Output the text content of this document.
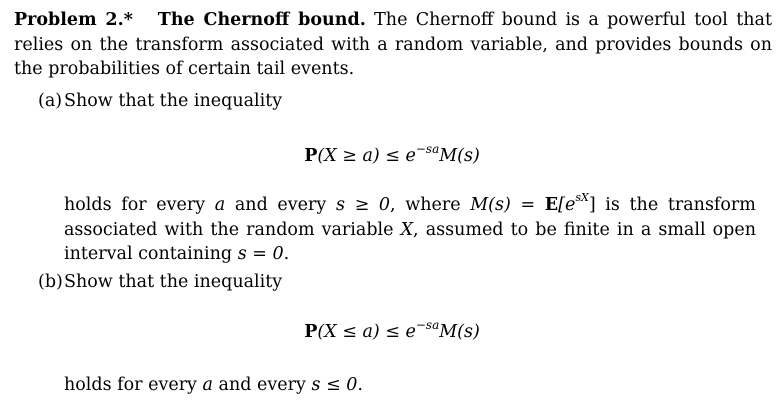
Problem 2.* The Chernoff bound. The Chernoff bound is a powerful tool that relies on the transform associated with a random variable, and provides bounds on the probabilities of certain tail events.
(a) Show that the inequality
$P(X \ge a) \le e^{-sa}M(s)$
holds for every a and every s ≥ 0, where $M(s) = E[e^{sX}]$ is the transform associated with the random variable X, assumed to be finite in a small open interval containing s = 0.
(b) Show that the inequality
$P(X \le a) \le e^{-sa}M(s)$
holds for every a and every s ≤ 0.
